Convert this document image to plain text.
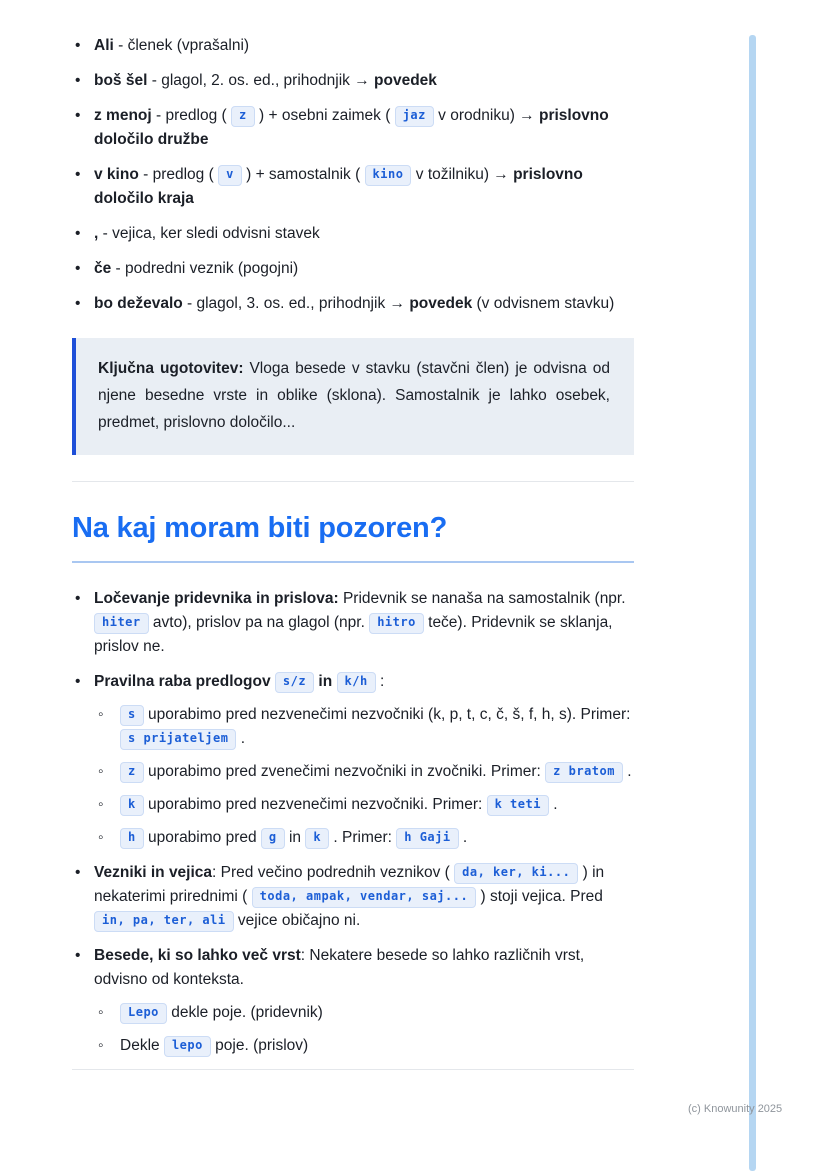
• Ali - členek (vprašalni)
• boš šel - glagol, 2. os. ed., prihodnjik → povedek
• z menoj - predlog ( z ) + osebni zaimek ( jaz v orodniku) → prislovno določilo družbe
• v kino - predlog ( v ) + samostalnik ( kino v tožilniku) → prislovno določilo kraja
• , - vejica, ker sledi odvisni stavek
• če - podredni veznik (pogojni)
• bo deževalo - glagol, 3. os. ed., prihodnjik → povedek (v odvisnem stavku)

Ključna ugotovitev: Vloga besede v stavku (stavčni člen) je odvisna od njene besedne vrste in oblike (sklona). Samostalnik je lahko osebek, predmet, prislovno določilo...

Na kaj moram biti pozoren?
• Ločevanje pridevnika in prislova: Pridevnik se nanaša na samostalnik (npr. hiter avto), prislov pa na glagol (npr. hitro teče). Pridevnik se sklanja, prislov ne.
• Pravilna raba predlogov s/z in k/h :
◦ s uporabimo pred nezvenečimi nezvočniki (k, p, t, c, č, š, f, h, s). Primer: s prijateljem .
◦ z uporabimo pred zvenečimi nezvočniki in zvočniki. Primer: z bratom .
◦ k uporabimo pred nezvenečimi nezvočniki. Primer: k teti .
◦ h uporabimo pred g in k . Primer: h Gaji .
• Vezniki in vejica: Pred večino podrednih veznikov ( da, ker, ki... ) in nekaterimi prirednimi ( toda, ampak, vendar, saj... ) stoji vejica. Pred in, pa, ter, ali vejice običajno ni.
• Besede, ki so lahko več vrst: Nekatere besede so lahko različnih vrst, odvisno od konteksta.
◦ Lepo dekle poje. (pridevnik)
◦ Dekle lepo poje. (prislov)
(c) Knowunity 2025
